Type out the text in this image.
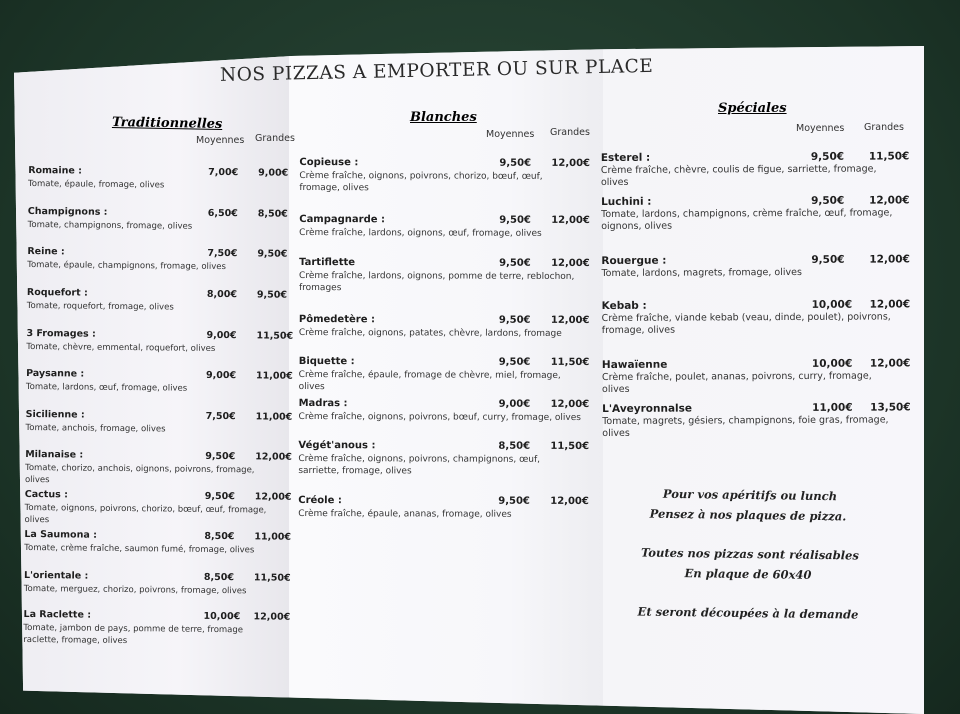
NOS PIZZAS A EMPORTER OU SUR PLACE
Traditionnelles
Moyennes Grandes
Blanches
Moyennes Grandes
Spéciales
Moyennes Grandes
Romaine :	7,00€ 9,00€
Tomate, épaule, fromage, olives
Champignons :	6,50€ 8,50€
Tomate, champignons, fromage, olives
Reine :	7,50€ 9,50€
Tomate, épaule, champignons, fromage, olives
Roquefort :	8,00€ 9,50€
Tomate, roquefort, fromage, olives
3 Fromages :	9,00€ 11,50€
Tomate, chèvre, emmental, roquefort, olives
Paysanne :	9,00€ 11,00€
Tomate, lardons, œuf, fromage, olives
Sicilienne :	7,50€ 11,00€
Tomate, anchois, fromage, olives
Milanaise :	9,50€ 12,00€
Tomate, chorizo, anchois, oignons, poivrons, fromage, olives
Cactus :	9,50€ 12,00€
Tomate, oignons, poivrons, chorizo, bœuf, œuf, fromage, olives
La Saumona :	8,50€ 11,00€
Tomate, crème fraîche, saumon fumé, fromage, olives
L'orientale :	8,50€ 11,50€
Tomate, merguez, chorizo, poivrons, fromage, olives
La Raclette :	10,00€ 12,00€
Tomate, jambon de pays, pomme de terre, fromage raclette, fromage, olives
Copieuse :	9,50€ 12,00€
Crème fraîche, oignons, poivrons, chorizo, bœuf, œuf, fromage, olives
Campagnarde :	9,50€ 12,00€
Crème fraîche, lardons, oignons, œuf, fromage, olives
Tartiflette	9,50€ 12,00€
Crème fraîche, lardons, oignons, pomme de terre, reblochon, fromages
Pômedetère :	9,50€ 12,00€
Crème fraîche, oignons, patates, chèvre, lardons, fromage
Biquette :	9,50€ 11,50€
Crème fraîche, épaule, fromage de chèvre, miel, fromage, olives
Madras :	9,00€ 12,00€
Crème fraîche, oignons, poivrons, bœuf, curry, fromage, olives
Végét'anous :	8,50€ 11,50€
Crème fraîche, oignons, poivrons, champignons, œuf, sarriette, fromage, olives
Créole :	9,50€ 12,00€
Crème fraîche, épaule, ananas, fromage, olives
Esterel :	9,50€ 11,50€
Crème fraîche, chèvre, coulis de figue, sarriette, fromage, olives
Luchini :	9,50€ 12,00€
Tomate, lardons, champignons, crème fraîche, œuf, fromage, oignons, olives
Rouergue :	9,50€ 12,00€
Tomate, lardons, magrets, fromage, olives
Kebab :	10,00€ 12,00€
Crème fraîche, viande kebab (veau, dinde, poulet), poivrons, fromage, olives
Hawaïenne	10,00€ 12,00€
Crème fraîche, poulet, ananas, poivrons, curry, fromage, olives
L'Aveyronnalse	11,00€ 13,50€
Tomate, magrets, gésiers, champignons, foie gras, fromage, olives
Pour vos apéritifs ou lunch
Pensez à nos plaques de pizza.
Toutes nos pizzas sont réalisables
En plaque de 60x40
Et seront découpées à la demande
